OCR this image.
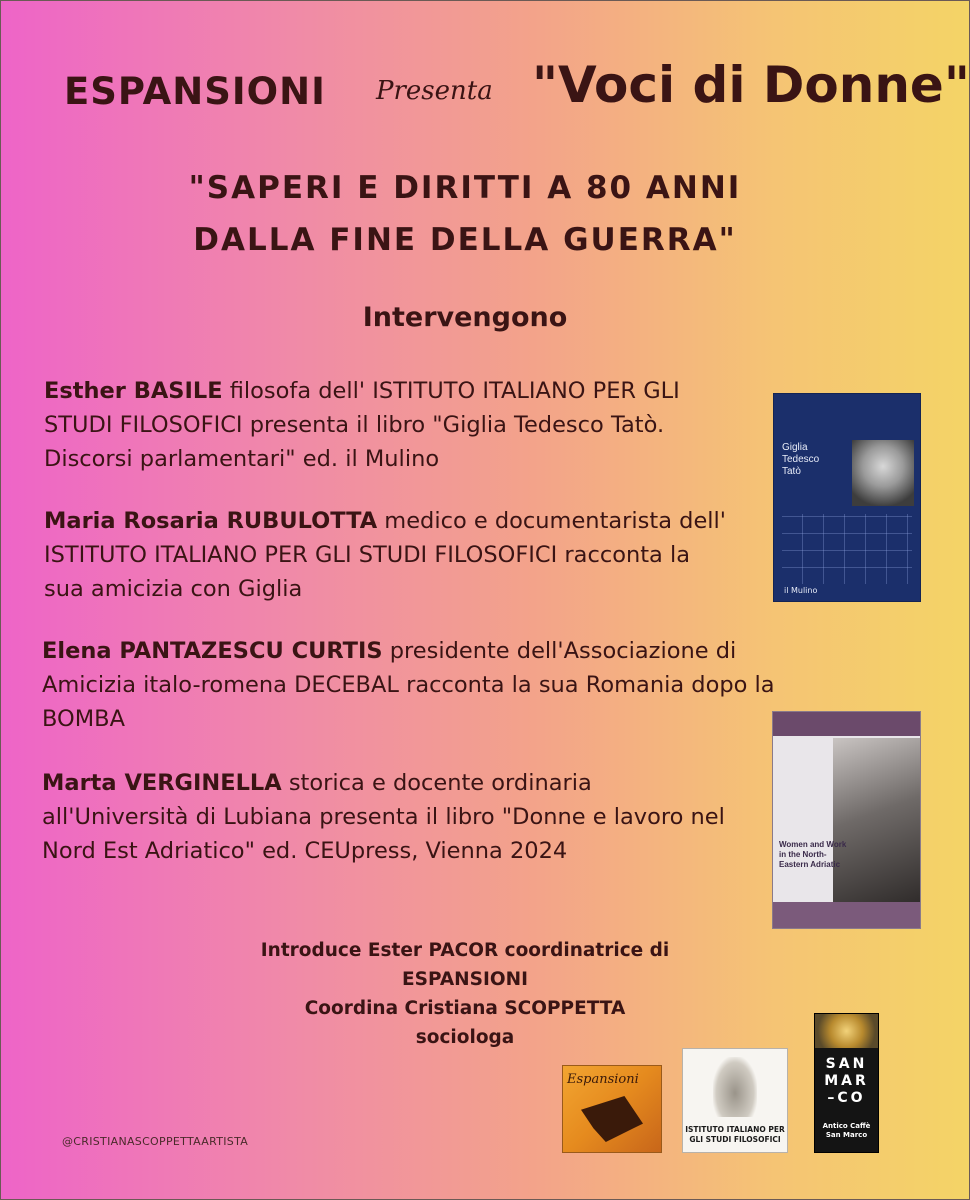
ESPANSIONI Presenta "Voci di Donne"
"SAPERI E DIRITTI A 80 ANNI
DALLA FINE DELLA GUERRA"
Intervengono
Esther BASILE filosofa dell' ISTITUTO ITALIANO PER GLI STUDI FILOSOFICI presenta il libro "Giglia Tedesco Tatò. Discorsi parlamentari" ed. il Mulino
Maria Rosaria RUBULOTTA medico e documentarista dell' ISTITUTO ITALIANO PER GLI STUDI FILOSOFICI racconta la sua amicizia con Giglia
Elena PANTAZESCU CURTIS presidente dell'Associazione di Amicizia italo-romena DECEBAL racconta la sua Romania dopo la BOMBA
Marta VERGINELLA storica e docente ordinaria all'Università di Lubiana presenta il libro "Donne e lavoro nel Nord Est Adriatico" ed. CEUpress, Vienna 2024
Giglia
Tedesco
Tatò
il Mulino
Women and Work in the North-Eastern Adriatic
Introduce Ester PACOR coordinatrice di
ESPANSIONI
Coordina Cristiana SCOPPETTA
sociologa
@CRISTIANASCOPPETTAARTISTA
Espansioni
ISTITUTO ITALIANO PER GLI STUDI FILOSOFICI
SAN
MAR
–CO
Antico Caffè San Marco
